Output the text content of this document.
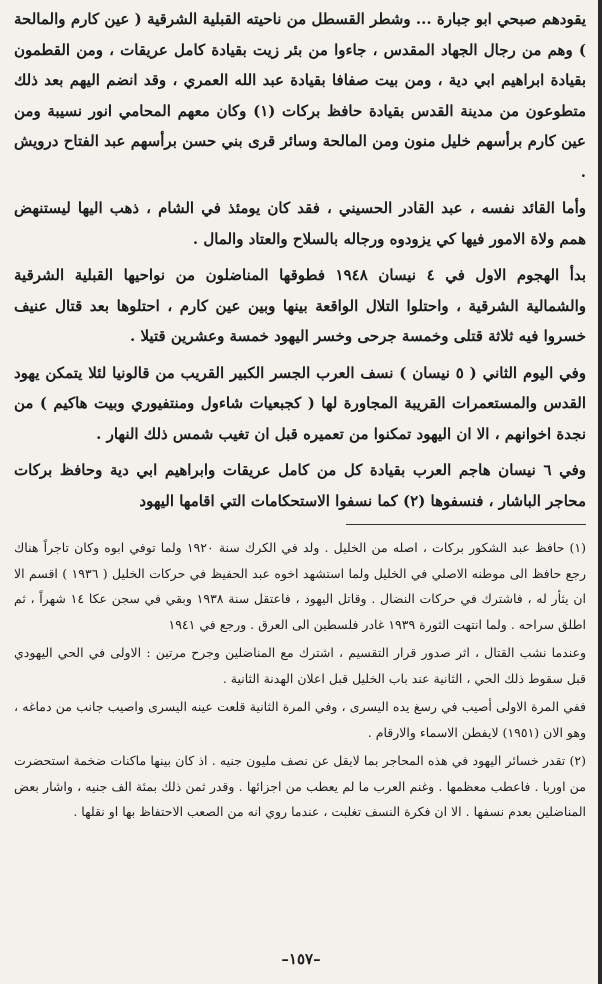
يقودهم صبحي ابو جبارة ... وشطر القسطل من ناحيته القبلية الشرقية ( عين كارم والمالحة ) وهم من رجال الجهاد المقدس ، جاءوا من بئر زيت بقيادة كامل عريقات ، ومن القطمون بقيادة ابراهيم ابي دية ، ومن بيت صفافا بقيادة عبد الله العمري ، وقد انضم اليهم بعد ذلك متطوعون من مدينة القدس بقيادة حافظ بركات (١) وكان معهم المحامي انور نسيبة ومن عين كارم برأسهم خليل منون ومن المالحة وسائر قرى بني حسن برأسهم عبد الفتاح درويش .

وأما القائد نفسه ، عبد القادر الحسيني ، فقد كان يومئذ في الشام ، ذهب اليها ليستنهض همم ولاة الامور فيها كي يزودوه ورجاله بالسلاح والعتاد والمال .

بدأ الهجوم الاول في ٤ نيسان ١٩٤٨ فطوقها المناضلون من نواحيها القبلية الشرقية والشمالية الشرقية ، واحتلوا التلال الواقعة بينها وبين عين كارم ، احتلوها بعد قتال عنيف خسروا فيه ثلاثة قتلى وخمسة جرحى وخسر اليهود خمسة وعشرين قتيلا .

وفي اليوم الثاني ( ٥ نيسان ) نسف العرب الجسر الكبير القريب من قالونيا لئلا يتمكن يهود القدس والمستعمرات القريبة المجاورة لها ( كجبعيات شاءول ومنتفيوري وبيت هاكيم ) من نجدة اخوانهم ، الا ان اليهود تمكنوا من تعميره قبل ان تغيب شمس ذلك النهار .

وفي ٦ نيسان هاجم العرب بقيادة كل من كامل عريقات وابراهيم ابي دية وحافظ بركات محاجر الباشار ، فنسفوها (٢) كما نسفوا الاستحكامات التي اقامها اليهود

(١) حافظ عبد الشكور بركات ، اصله من الخليل . ولد في الكرك سنة ١٩٢٠ ولما توفي ابوه وكان تاجراً هناك رجع حافظ الى موطنه الاصلي في الخليل ولما استشهد اخوه عبد الحفيظ في حركات الخليل ( ١٩٣٦ ) اقسم الا ان يثأر له ، فاشترك في حركات النضال . وقاتل اليهود ، فاعتقل سنة ١٩٣٨ وبقي في سجن عكا ١٤ شهراً ، ثم اطلق سراحه . ولما انتهت الثورة ١٩٣٩ غادر فلسطين الى العرق . ورجع في ١٩٤١

وعندما نشب القتال ، اثر صدور قرار التقسيم ، اشترك مع المناضلين وجرح مرتين : الاولى في الحي اليهودي قبل سقوط ذلك الحي ، الثانية عند باب الخليل قبل اعلان الهدنة الثانية .

ففي المرة الاولى أصيب في رسغ يده اليسرى ، وفي المرة الثانية قلعت عينه اليسرى واصيب جانب من دماغه ، وهو الان (١٩٥١) لايفطن الاسماء والارقام .

(٢) تقدر خسائر اليهود في هذه المحاجر بما لايقل عن نصف مليون جنيه . اذ كان بينها ماكنات ضخمة استحضرت من اوربا . فاعطب معظمها . وغنم العرب ما لم يعطب من اجزائها . وقدر ثمن ذلك بمئة الف جنيه ، واشار بعض المناضلين بعدم نسفها . الا ان فكرة النسف تغلبت ، عندما روي انه من الصعب الاحتفاظ بها او نقلها .

–١٥٧–
